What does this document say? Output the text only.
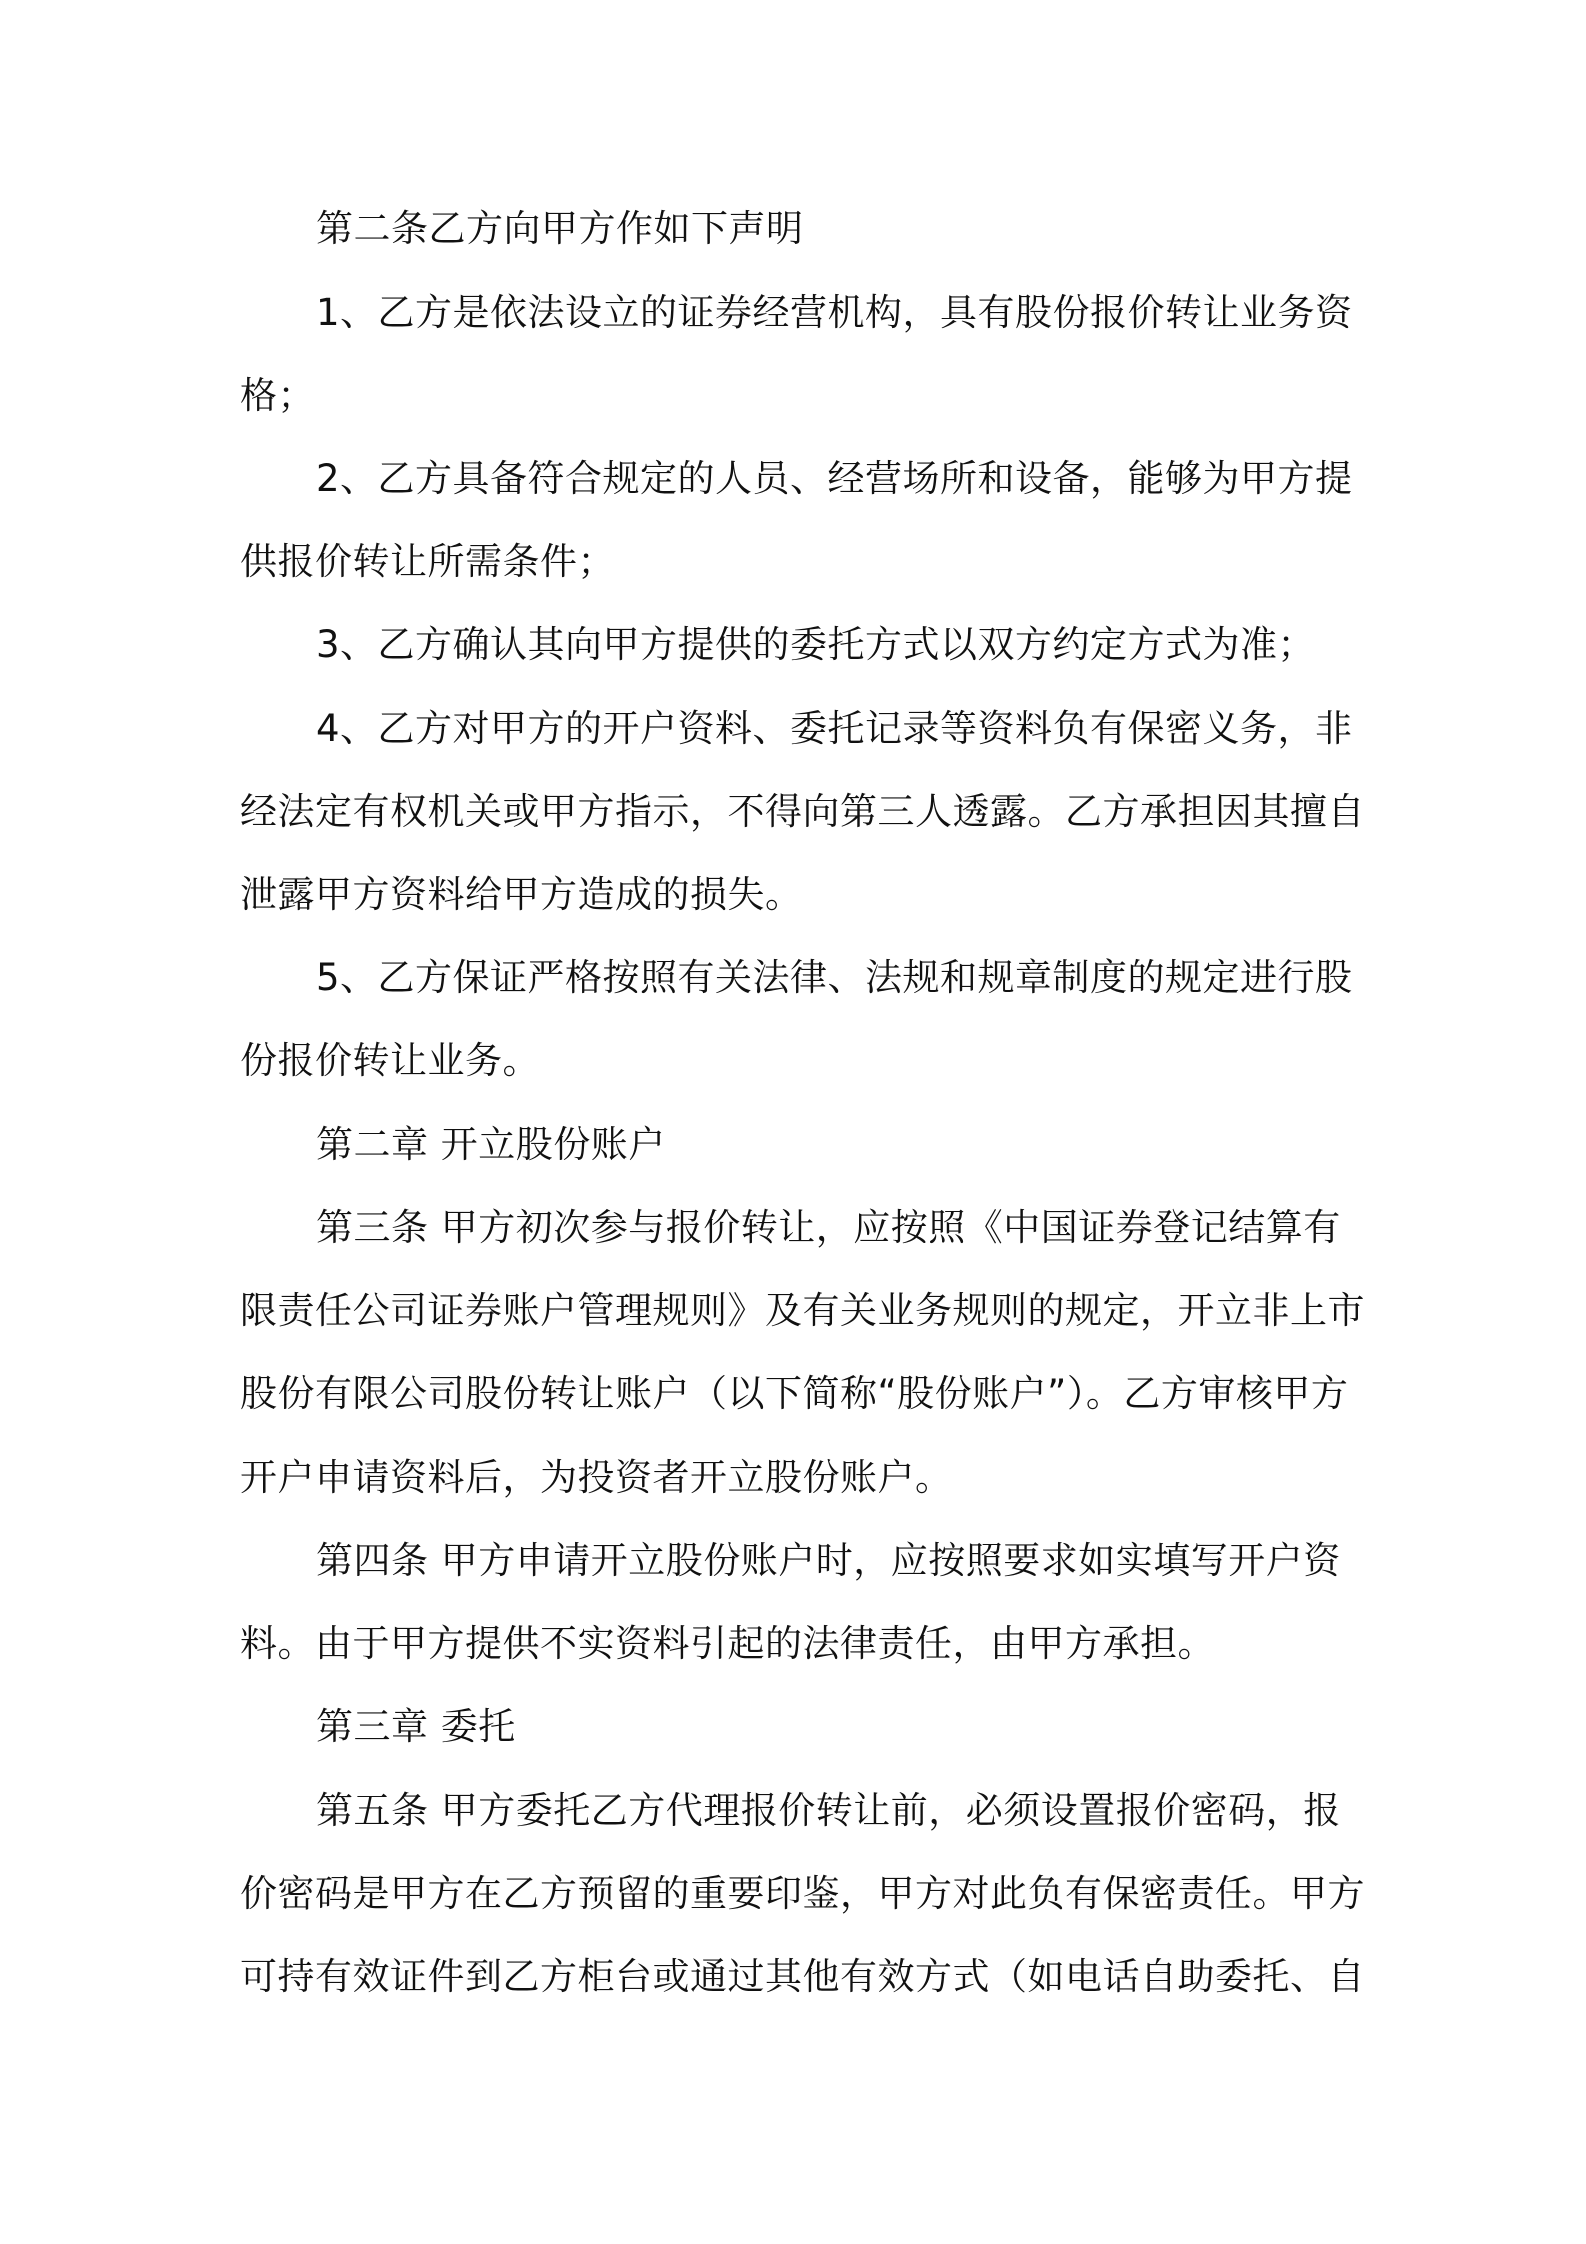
第二条乙方向甲方作如下声明
1、乙方是依法设立的证券经营机构，具有股份报价转让业务资
格；
2、乙方具备符合规定的人员、经营场所和设备，能够为甲方提
供报价转让所需条件；
3、乙方确认其向甲方提供的委托方式以双方约定方式为准；
4、乙方对甲方的开户资料、委托记录等资料负有保密义务，非
经法定有权机关或甲方指示，不得向第三人透露。乙方承担因其擅自
泄露甲方资料给甲方造成的损失。
5、乙方保证严格按照有关法律、法规和规章制度的规定进行股
份报价转让业务。
第二章 开立股份账户
第三条 甲方初次参与报价转让，应按照《中国证券登记结算有
限责任公司证券账户管理规则》及有关业务规则的规定，开立非上市
股份有限公司股份转让账户（以下简称“股份账户”）。乙方审核甲方
开户申请资料后，为投资者开立股份账户。
第四条 甲方申请开立股份账户时，应按照要求如实填写开户资
料。由于甲方提供不实资料引起的法律责任，由甲方承担。
第三章 委托
第五条 甲方委托乙方代理报价转让前，必须设置报价密码，报
价密码是甲方在乙方预留的重要印鉴，甲方对此负有保密责任。甲方
可持有效证件到乙方柜台或通过其他有效方式（如电话自助委托、自
